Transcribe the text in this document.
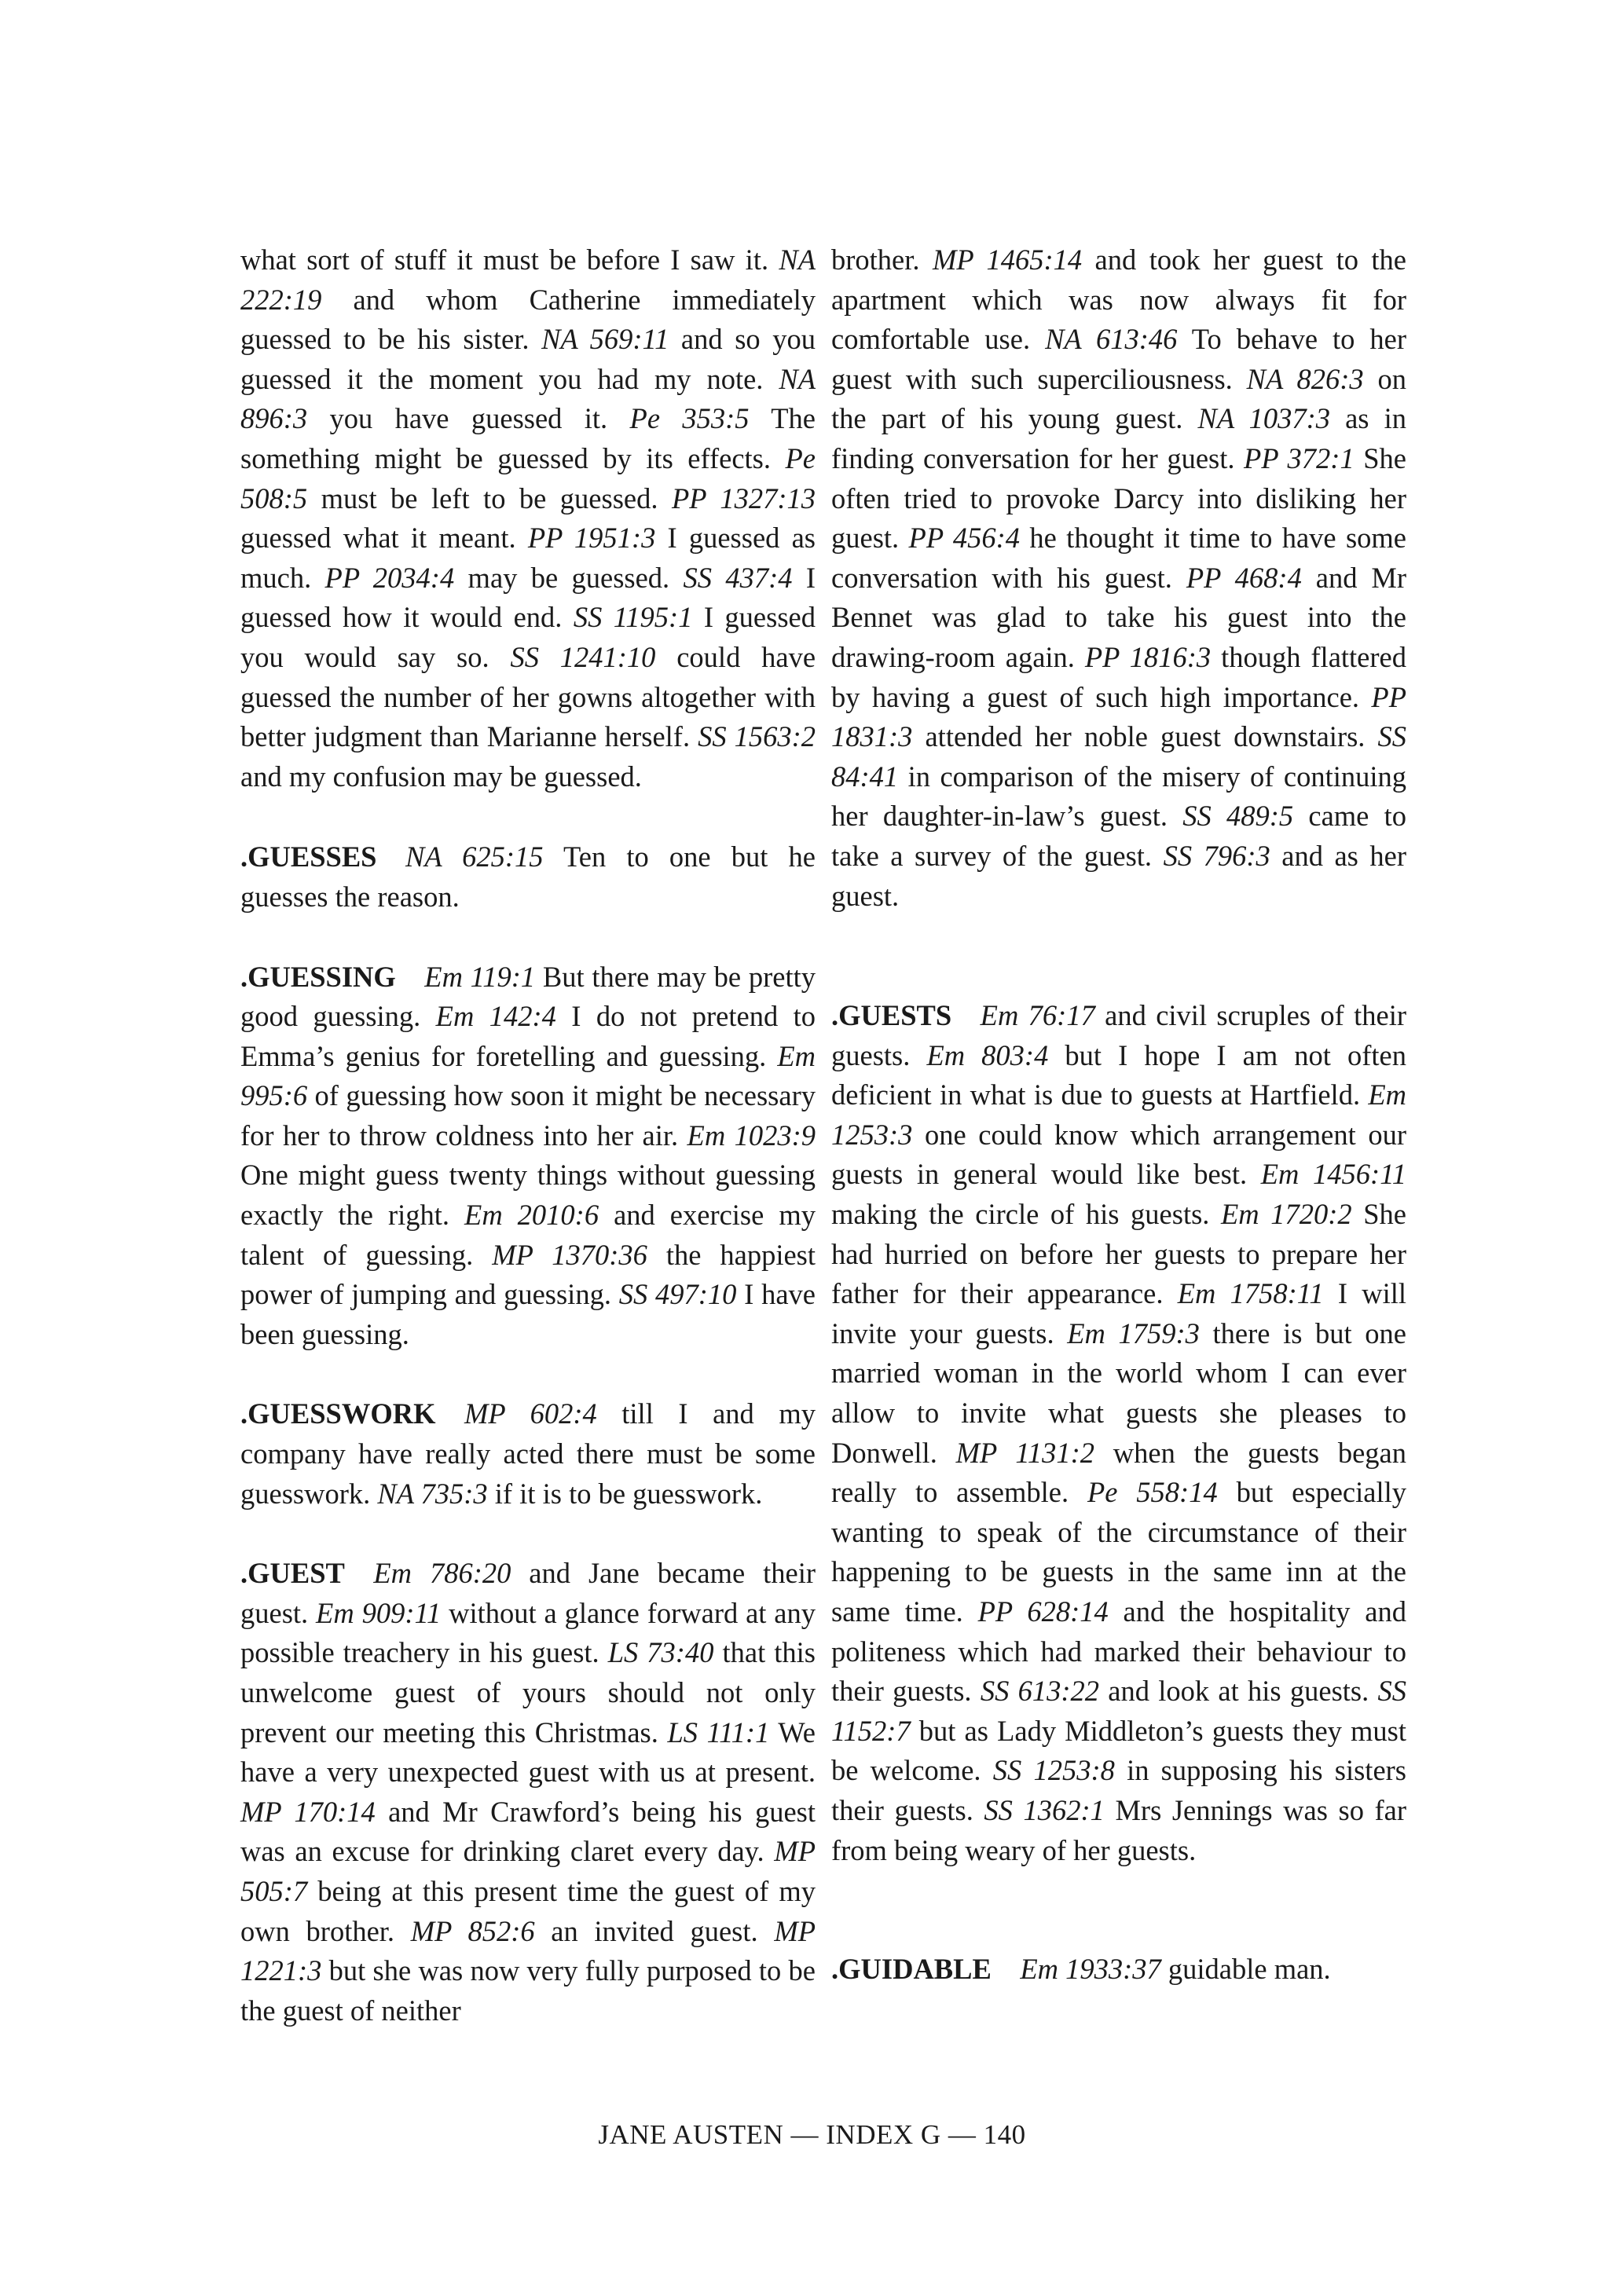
what sort of stuff it must be before I saw it. NA 222:19 and whom Catherine immediately guessed to be his sister. NA 569:11 and so you guessed it the moment you had my note. NA 896:3 you have guessed it. Pe 353:5 The something might be guessed by its effects. Pe 508:5 must be left to be guessed. PP 1327:13 guessed what it meant. PP 1951:3 I guessed as much. PP 2034:4 may be guessed. SS 437:4 I guessed how it would end. SS 1195:1 I guessed you would say so. SS 1241:10 could have guessed the number of her gowns altogether with better judgment than Marianne herself. SS 1563:2 and my confusion may be guessed.

.GUESSES  NA 625:15 Ten to one but he guesses the reason.

.GUESSING  Em 119:1 But there may be pretty good guessing. Em 142:4 I do not pretend to Emma’s genius for foretelling and guessing. Em 995:6 of guessing how soon it might be necessary for her to throw coldness into her air. Em 1023:9 One might guess twenty things without guessing exactly the right. Em 2010:6 and exercise my talent of guessing. MP 1370:36 the happiest power of jumping and guessing. SS 497:10 I have been guessing.

.GUESSWORK  MP 602:4 till I and my company have really acted there must be some guesswork. NA 735:3 if it is to be guesswork.

.GUEST  Em 786:20 and Jane became their guest. Em 909:11 without a glance forward at any possible treachery in his guest. LS 73:40 that this unwelcome guest of yours should not only prevent our meeting this Christmas. LS 111:1 We have a very unexpected guest with us at present. MP 170:14 and Mr Crawford’s being his guest was an excuse for drinking claret every day. MP 505:7 being at this present time the guest of my own brother. MP 852:6 an invited guest. MP 1221:3 but she was now very fully purposed to be the guest of neither

brother. MP 1465:14 and took her guest to the apartment which was now always fit for comfortable use. NA 613:46 To behave to her guest with such superciliousness. NA 826:3 on the part of his young guest. NA 1037:3 as in finding conversation for her guest. PP 372:1 She often tried to provoke Darcy into disliking her guest. PP 456:4 he thought it time to have some conversation with his guest. PP 468:4 and Mr Bennet was glad to take his guest into the drawing-room again. PP 1816:3 though flattered by having a guest of such high importance. PP 1831:3 attended her noble guest downstairs. SS 84:41 in comparison of the misery of continuing her daughter-in-law’s guest. SS 489:5 came to take a survey of the guest. SS 796:3 and as her guest.

.GUESTS  Em 76:17 and civil scruples of their guests. Em 803:4 but I hope I am not often deficient in what is due to guests at Hartfield. Em 1253:3 one could know which arrangement our guests in general would like best. Em 1456:11 making the circle of his guests. Em 1720:2 She had hurried on before her guests to prepare her father for their appearance. Em 1758:11 I will invite your guests. Em 1759:3 there is but one married woman in the world whom I can ever allow to invite what guests she pleases to Donwell. MP 1131:2 when the guests began really to assemble. Pe 558:14 but especially wanting to speak of the circumstance of their happening to be guests in the same inn at the same time. PP 628:14 and the hospitality and politeness which had marked their behaviour to their guests. SS 613:22 and look at his guests. SS 1152:7 but as Lady Middleton’s guests they must be welcome. SS 1253:8 in supposing his sisters their guests. SS 1362:1 Mrs Jennings was so far from being weary of her guests.

.GUIDABLE  Em 1933:37 guidable man.

JANE AUSTEN — INDEX G — 140
